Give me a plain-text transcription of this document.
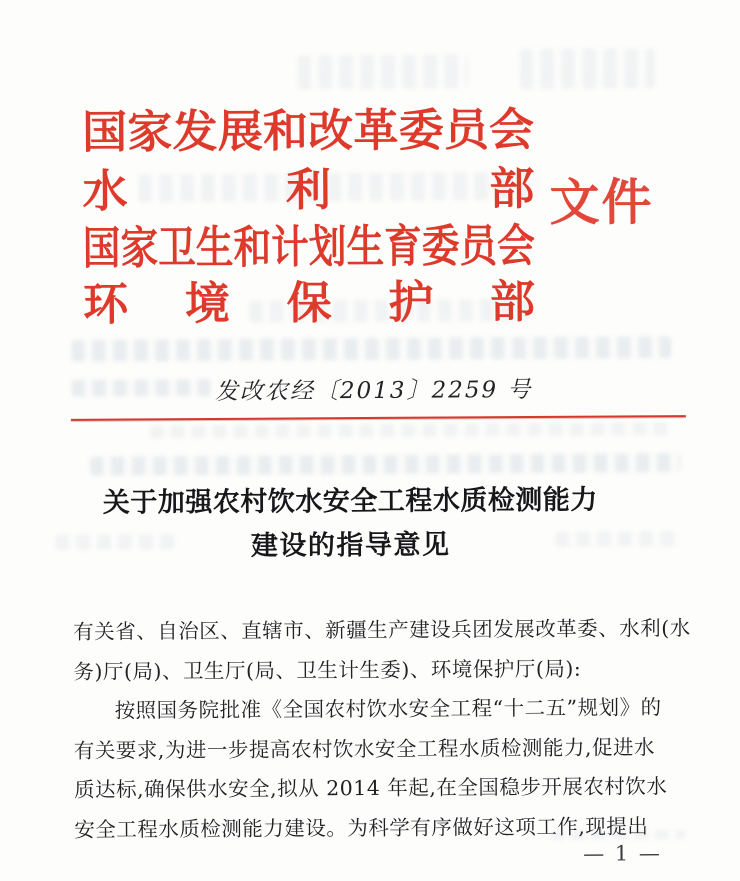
国 家 发 展 和 改 革 委 员 会
水	利	部
国家卫生和计划生育委员会
环 境 保 护 部
文件
发改农经〔2013〕2259 号
关于加强农村饮水安全工程水质检测能力
建设的指导意见
有关省、自治区、直辖市、新疆生产建设兵团发展改革委、水利(水
务)厅(局)、卫生厅(局、卫生计生委)、环境保护厅(局):
按照国务院批准《全国农村饮水安全工程“十二五”规划》的
有关要求,为进一步提高农村饮水安全工程水质检测能力,促进水
质达标,确保供水安全,拟从 2014 年起,在全国稳步开展农村饮水
安全工程水质检测能力建设。为科学有序做好这项工作,现提出
— 1 —
